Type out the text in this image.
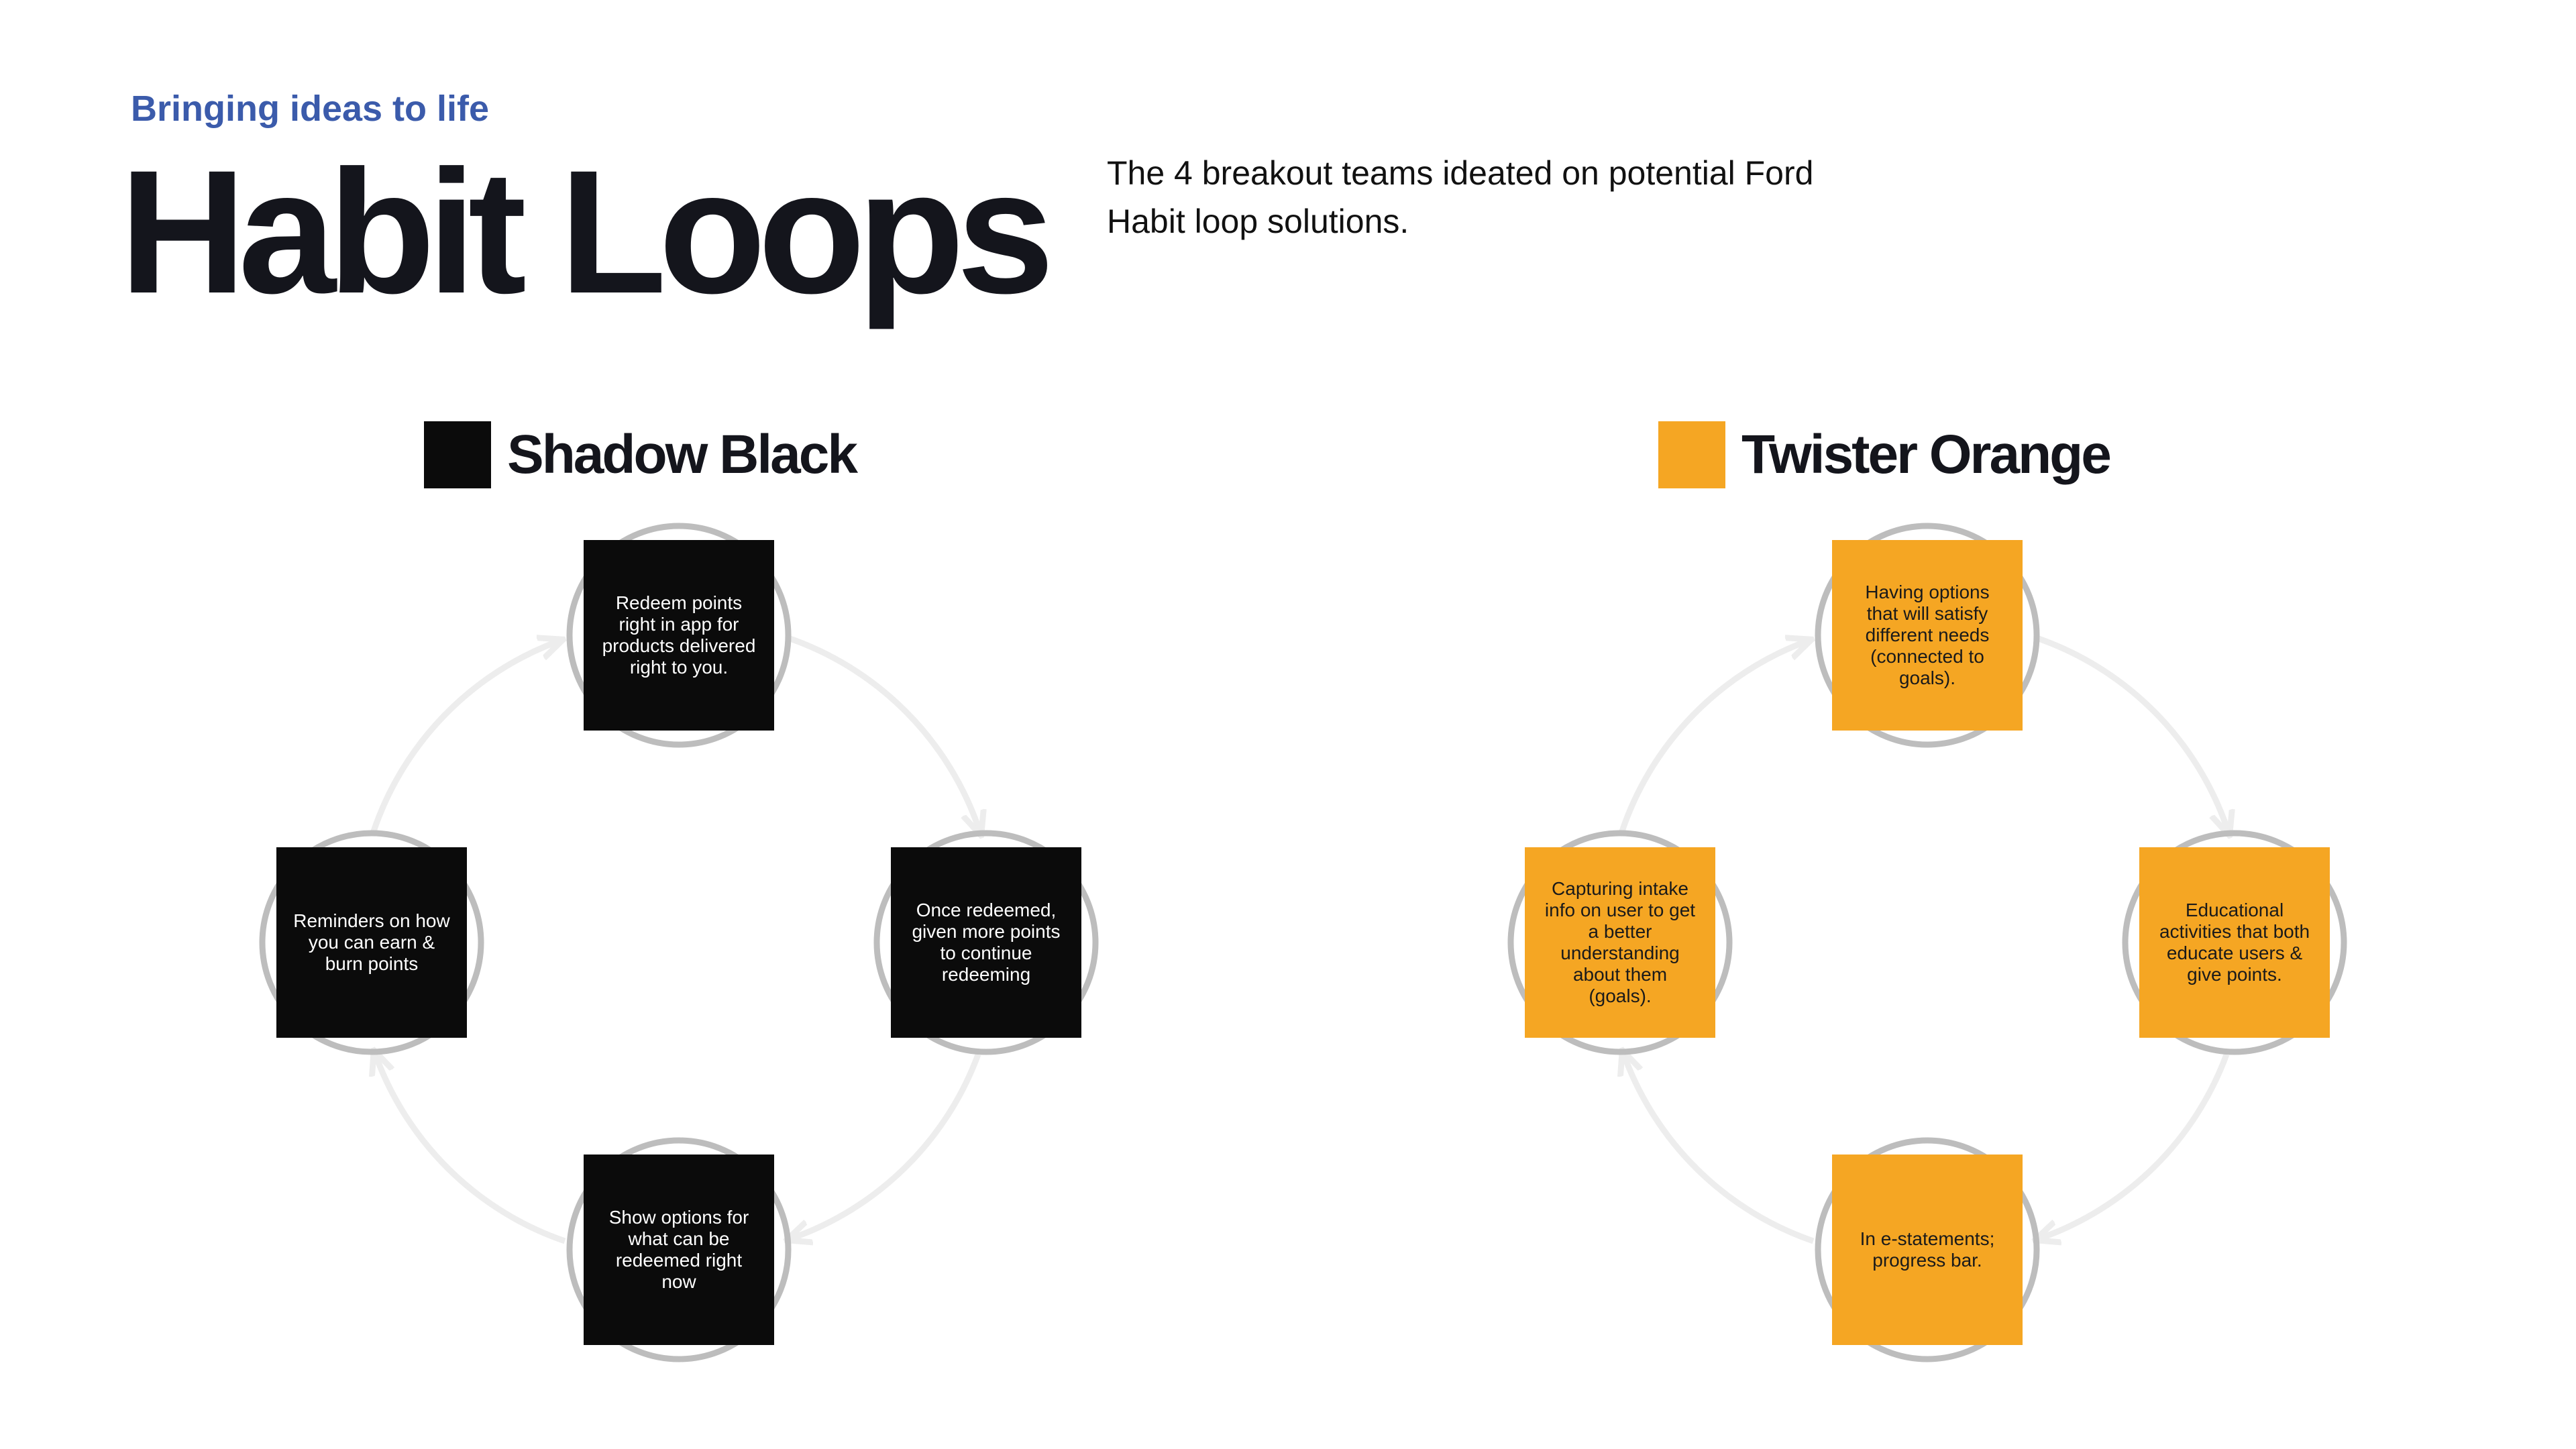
Bringing ideas to life
Habit Loops The 4 breakout teams ideated on potential Ford Habit loop solutions.
Shadow Black
Redeem points right in app for products delivered right to you.
Once redeemed, given more points to continue redeeming
Show options for what can be redeemed right now
Reminders on how you can earn & burn points
Twister Orange
Having options that will satisfy different needs (connected to goals).
Educational activities that both educate users & give points.
In e-statements; progress bar.
Capturing intake info on user to get a better understanding about them (goals).
